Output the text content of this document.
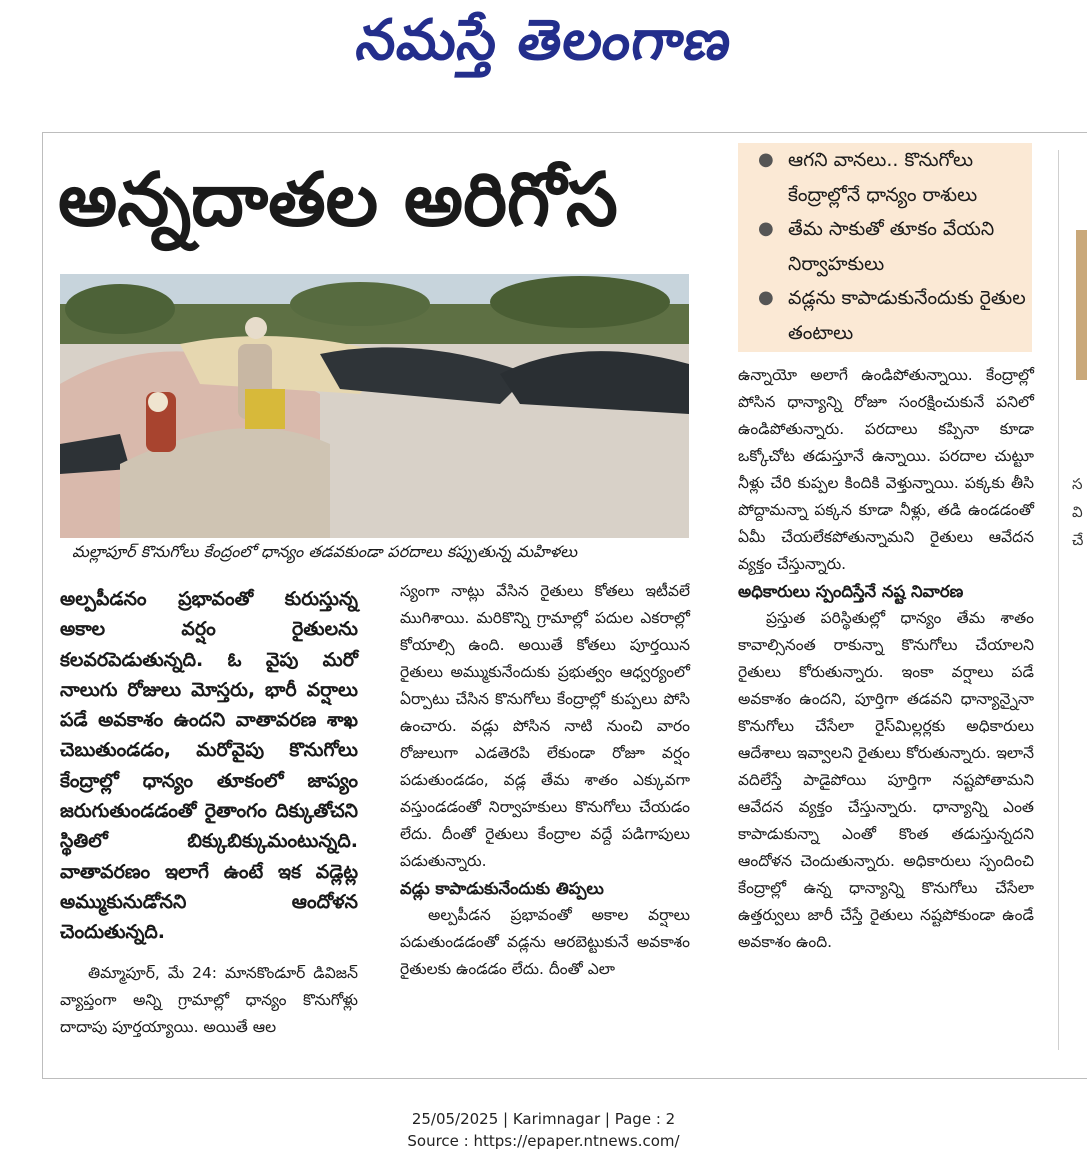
నమస్తే తెలంగాణ
స
వి
చే
అన్నదాతల అరిగోస
మల్లాపూర్ కొనుగోలు కేంద్రంలో ధాన్యం తడవకుండా పరదాలు కప్పుతున్న మహిళలు
● ఆగని వానలు.. కొనుగోలు కేంద్రాల్లోనే ధాన్యం రాశులు
● తేమ సాకుతో తూకం వేయని నిర్వాహకులు
● వడ్లను కాపాడుకునేందుకు రైతుల తంటాలు

అల్పపీడనం ప్రభావంతో కురుస్తున్న అకాల వర్షం రైతులను కలవరపెడుతున్నది. ఓ వైపు మరో నాలుగు రోజులు మోస్తరు, భారీ వర్షాలు పడే అవకాశం ఉందని వాతావరణ శాఖ చెబుతుండడం, మరోవైపు కొనుగోలు కేంద్రాల్లో ధాన్యం తూకంలో జాప్యం జరుగుతుండడంతో రైతాంగం దిక్కుతోచని స్థితిలో బిక్కుబిక్కుమంటున్నది. వాతావరణం ఇలాగే ఉంటే ఇక వడ్లెట్ల అమ్ముకునుడోనని ఆందోళన చెందుతున్నది.

తిమ్మాపూర్, మే 24: మానకొండూర్ డివిజన్ వ్యాప్తంగా అన్ని గ్రామాల్లో ధాన్యం కొనుగోళ్లు దాదాపు పూర్తయ్యాయి. అయితే ఆల

స్యంగా నాట్లు వేసిన రైతులు కోతలు ఇటీవలే ముగిశాయి. మరికొన్ని గ్రామాల్లో పదుల ఎకరాల్లో కోయాల్సి ఉంది. అయితే కోతలు పూర్తయిన రైతులు అమ్ముకునేందుకు ప్రభుత్వం ఆధ్వర్యంలో ఏర్పాటు చేసిన కొనుగోలు కేంద్రాల్లో కుప్పలు పోసి ఉంచారు. వడ్లు పోసిన నాటి నుంచి వారం రోజులుగా ఎడతెరపి లేకుండా రోజూ వర్షం పడుతుండడం, వడ్ల తేమ శాతం ఎక్కువగా వస్తుండడంతో నిర్వాహకులు కొనుగోలు చేయడం లేదు. దీంతో రైతులు కేంద్రాల వద్దే పడిగాపులు పడుతున్నారు.

వడ్లు కాపాడుకునేందుకు తిప్పలు

అల్పపీడన ప్రభావంతో అకాల వర్షాలు పడుతుండడంతో వడ్లను ఆరబెట్టుకునే అవకాశం రైతులకు ఉండడం లేదు. దీంతో ఎలా

ఉన్నాయో అలాగే ఉండిపోతున్నాయి. కేంద్రాల్లో పోసిన ధాన్యాన్ని రోజూ సంరక్షించుకునే పనిలో ఉండిపోతున్నారు. పరదాలు కప్పినా కూడా ఒక్కోచోట తడుస్తూనే ఉన్నాయి. పరదాల చుట్టూ నీళ్లు చేరి కుప్పల కిందికి వెళ్తున్నాయి. పక్కకు తీసి పోద్దామన్నా పక్కన కూడా నీళ్లు, తడి ఉండడంతో ఏమీ చేయలేకపోతున్నామని రైతులు ఆవేదన వ్యక్తం చేస్తున్నారు.

అధికారులు స్పందిస్తేనే నష్ట నివారణ

ప్రస్తుత పరిస్థితుల్లో ధాన్యం తేమ శాతం కావాల్సినంత రాకున్నా కొనుగోలు చేయాలని రైతులు కోరుతున్నారు. ఇంకా వర్షాలు పడే అవకాశం ఉందని, పూర్తిగా తడవని ధాన్యాన్నైనా కొనుగోలు చేసేలా రైస్‌మిల్లర్లకు అధికారులు ఆదేశాలు ఇవ్వాలని రైతులు కోరుతున్నారు. ఇలానే వదిలేస్తే పాడైపోయి పూర్తిగా నష్టపోతామని ఆవేదన వ్యక్తం చేస్తున్నారు. ధాన్యాన్ని ఎంత కాపాడుకున్నా ఎంతో కొంత తడుస్తున్నదని ఆందోళన చెందుతున్నారు. అధికారులు స్పందించి కేంద్రాల్లో ఉన్న ధాన్యాన్ని కొనుగోలు చేసేలా ఉత్తర్వులు జారీ చేస్తే రైతులు నష్టపోకుండా ఉండే అవకాశం ఉంది.

25/05/2025 | Karimnagar | Page : 2
Source : https://epaper.ntnews.com/
